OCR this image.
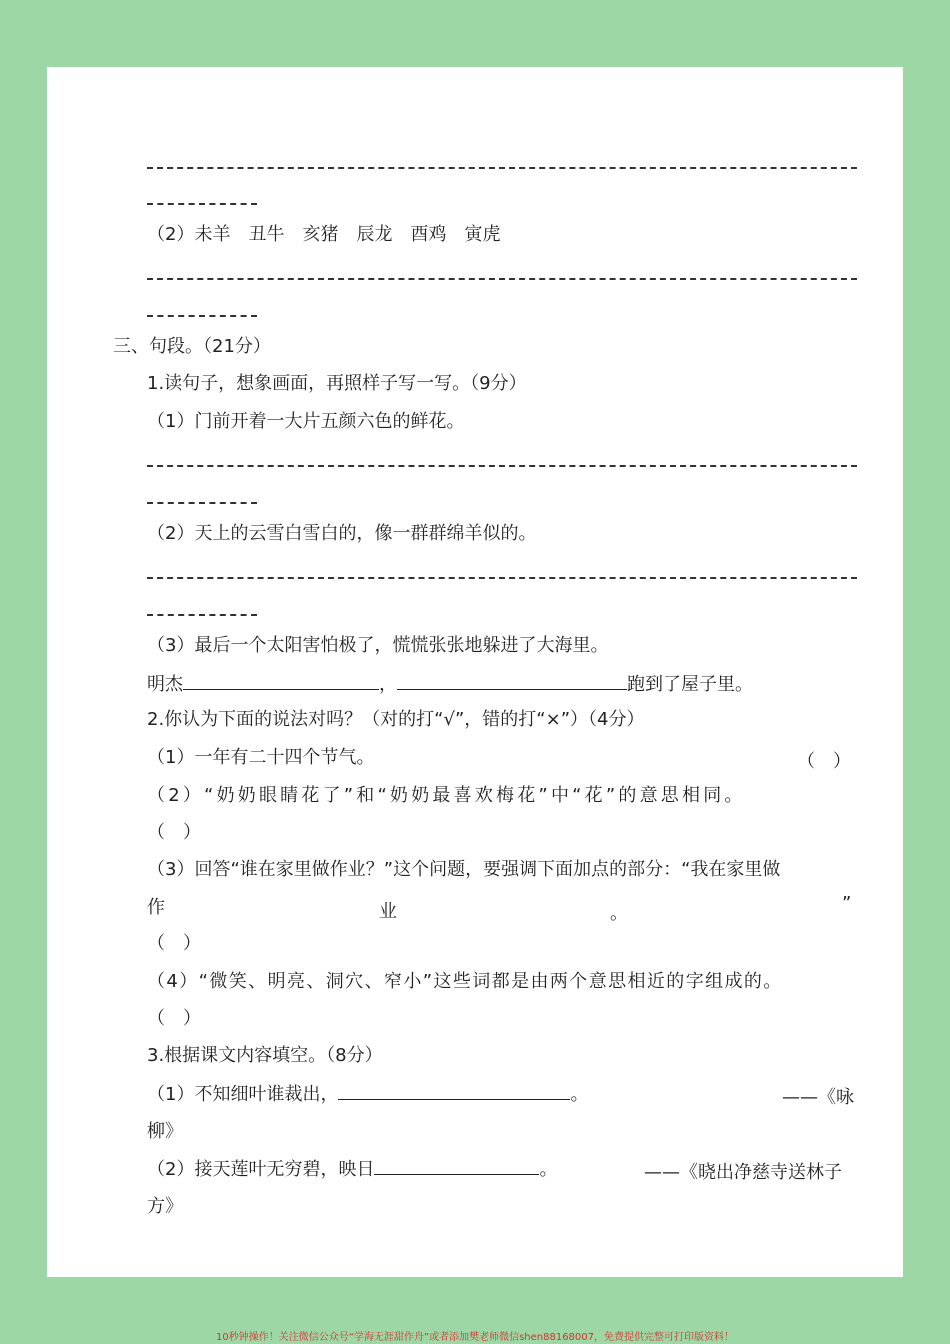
（2）未羊　丑牛　亥猪　辰龙　酉鸡　寅虎
三、句段。（21分）
1.读句子，想象画面，再照样子写一写。（9分）
（1）门前开着一大片五颜六色的鲜花。
（2）天上的云雪白雪白的，像一群群绵羊似的。
（3）最后一个太阳害怕极了，慌慌张张地躲进了大海里。
明杰	，	跑到了屋子里。
2.你认为下面的说法对吗？（对的打“√”，错的打“×”）（4分）
（1）一年有二十四个节气。	（　）
（2）“奶奶眼睛花了”和“奶奶最喜欢梅花”中“花”的意思相同。
（　）
（3）回答“谁在家里做作业？”这个问题，要强调下面加点的部分：“我在家里做
作	业	。	”
（　）
（4）“微笑、明亮、洞穴、窄小”这些词都是由两个意思相近的字组成的。
（　）
3.根据课文内容填空。（8分）
（1）不知细叶谁裁出，	。	——《咏
柳》
（2）接天莲叶无穷碧，映日	。	——《晓出净慈寺送林子
方》
10秒钟操作！关注微信公众号“学海无涯甜作舟”或者添加樊老师微信shen88168007，免费提供完整可打印版资料！
